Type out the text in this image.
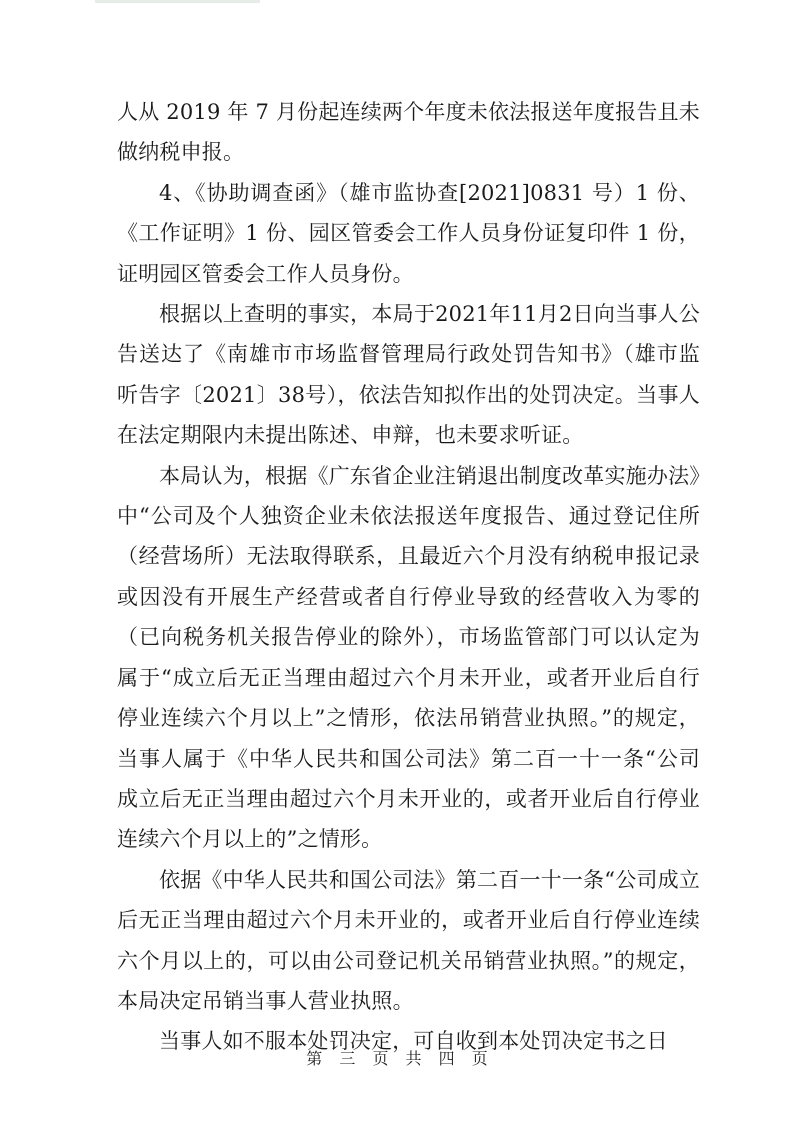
人从 2019 年 7 月份起连续两个年度未依法报送年度报告且未做纳税申报。

4、《协助调查函》（雄市监协查[2021]0831 号）1 份、《工作证明》1 份、园区管委会工作人员身份证复印件 1 份，证明园区管委会工作人员身份。

根据以上查明的事实，本局于2021年11月2日向当事人公告送达了《南雄市市场监督管理局行政处罚告知书》（雄市监听告字〔2021〕38号），依法告知拟作出的处罚决定。当事人在法定期限内未提出陈述、申辩，也未要求听证。

本局认为，根据《广东省企业注销退出制度改革实施办法》中“公司及个人独资企业未依法报送年度报告、通过登记住所（经营场所）无法取得联系，且最近六个月没有纳税申报记录或因没有开展生产经营或者自行停业导致的经营收入为零的（已向税务机关报告停业的除外），市场监管部门可以认定为属于“成立后无正当理由超过六个月未开业，或者开业后自行停业连续六个月以上”之情形，依法吊销营业执照。”的规定，当事人属于《中华人民共和国公司法》第二百一十一条“公司成立后无正当理由超过六个月未开业的，或者开业后自行停业连续六个月以上的”之情形。

依据《中华人民共和国公司法》第二百一十一条“公司成立后无正当理由超过六个月未开业的，或者开业后自行停业连续六个月以上的，可以由公司登记机关吊销营业执照。”的规定，本局决定吊销当事人营业执照。

当事人如不服本处罚决定，可自收到本处罚决定书之日

第 三 页 共 四 页
